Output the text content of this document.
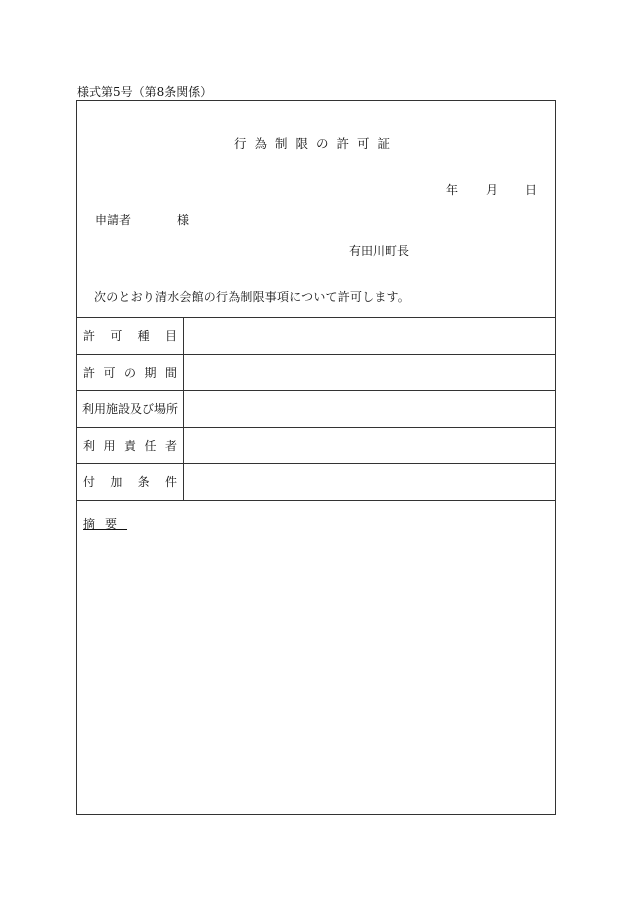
様式第5号（第8条関係）
行為制限の許可証
年 月 日
申請者	様
有田川町長
次のとおり清水会館の行為制限事項について許可します。
許 可 種 目
許 可 の 期 間
利用施設及び場所
利 用 責 任 者
付 加 条 件
摘要
